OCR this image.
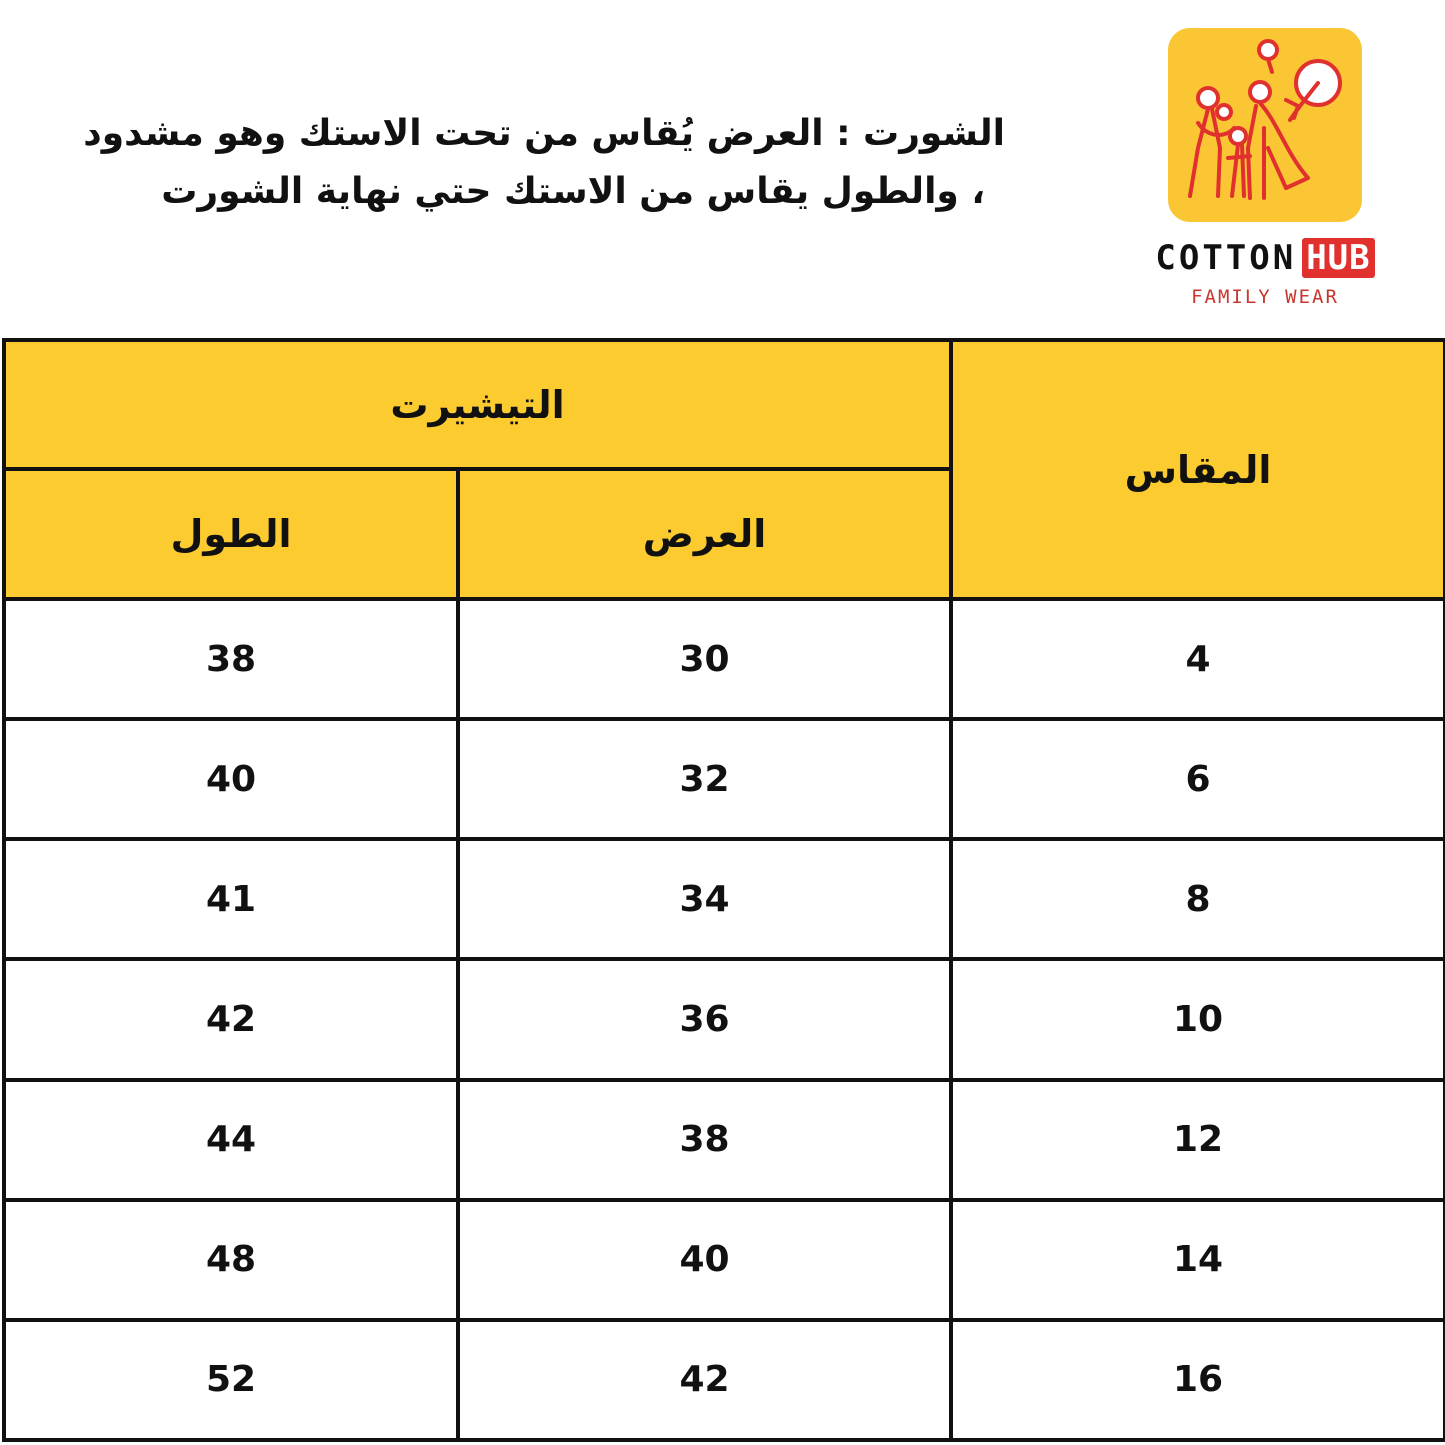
الشورت : العرض يُقاس من تحت الاستك وهو مشدود
، والطول يقاس من الاستك حتي نهاية الشورت
COTTON HUB
FAMILY WEAR
المقاس	التيشيرت	
	العرض	الطول
4	30	38
6	32	40
8	34	41
10	36	42
12	38	44
14	40	48
16	42	52
